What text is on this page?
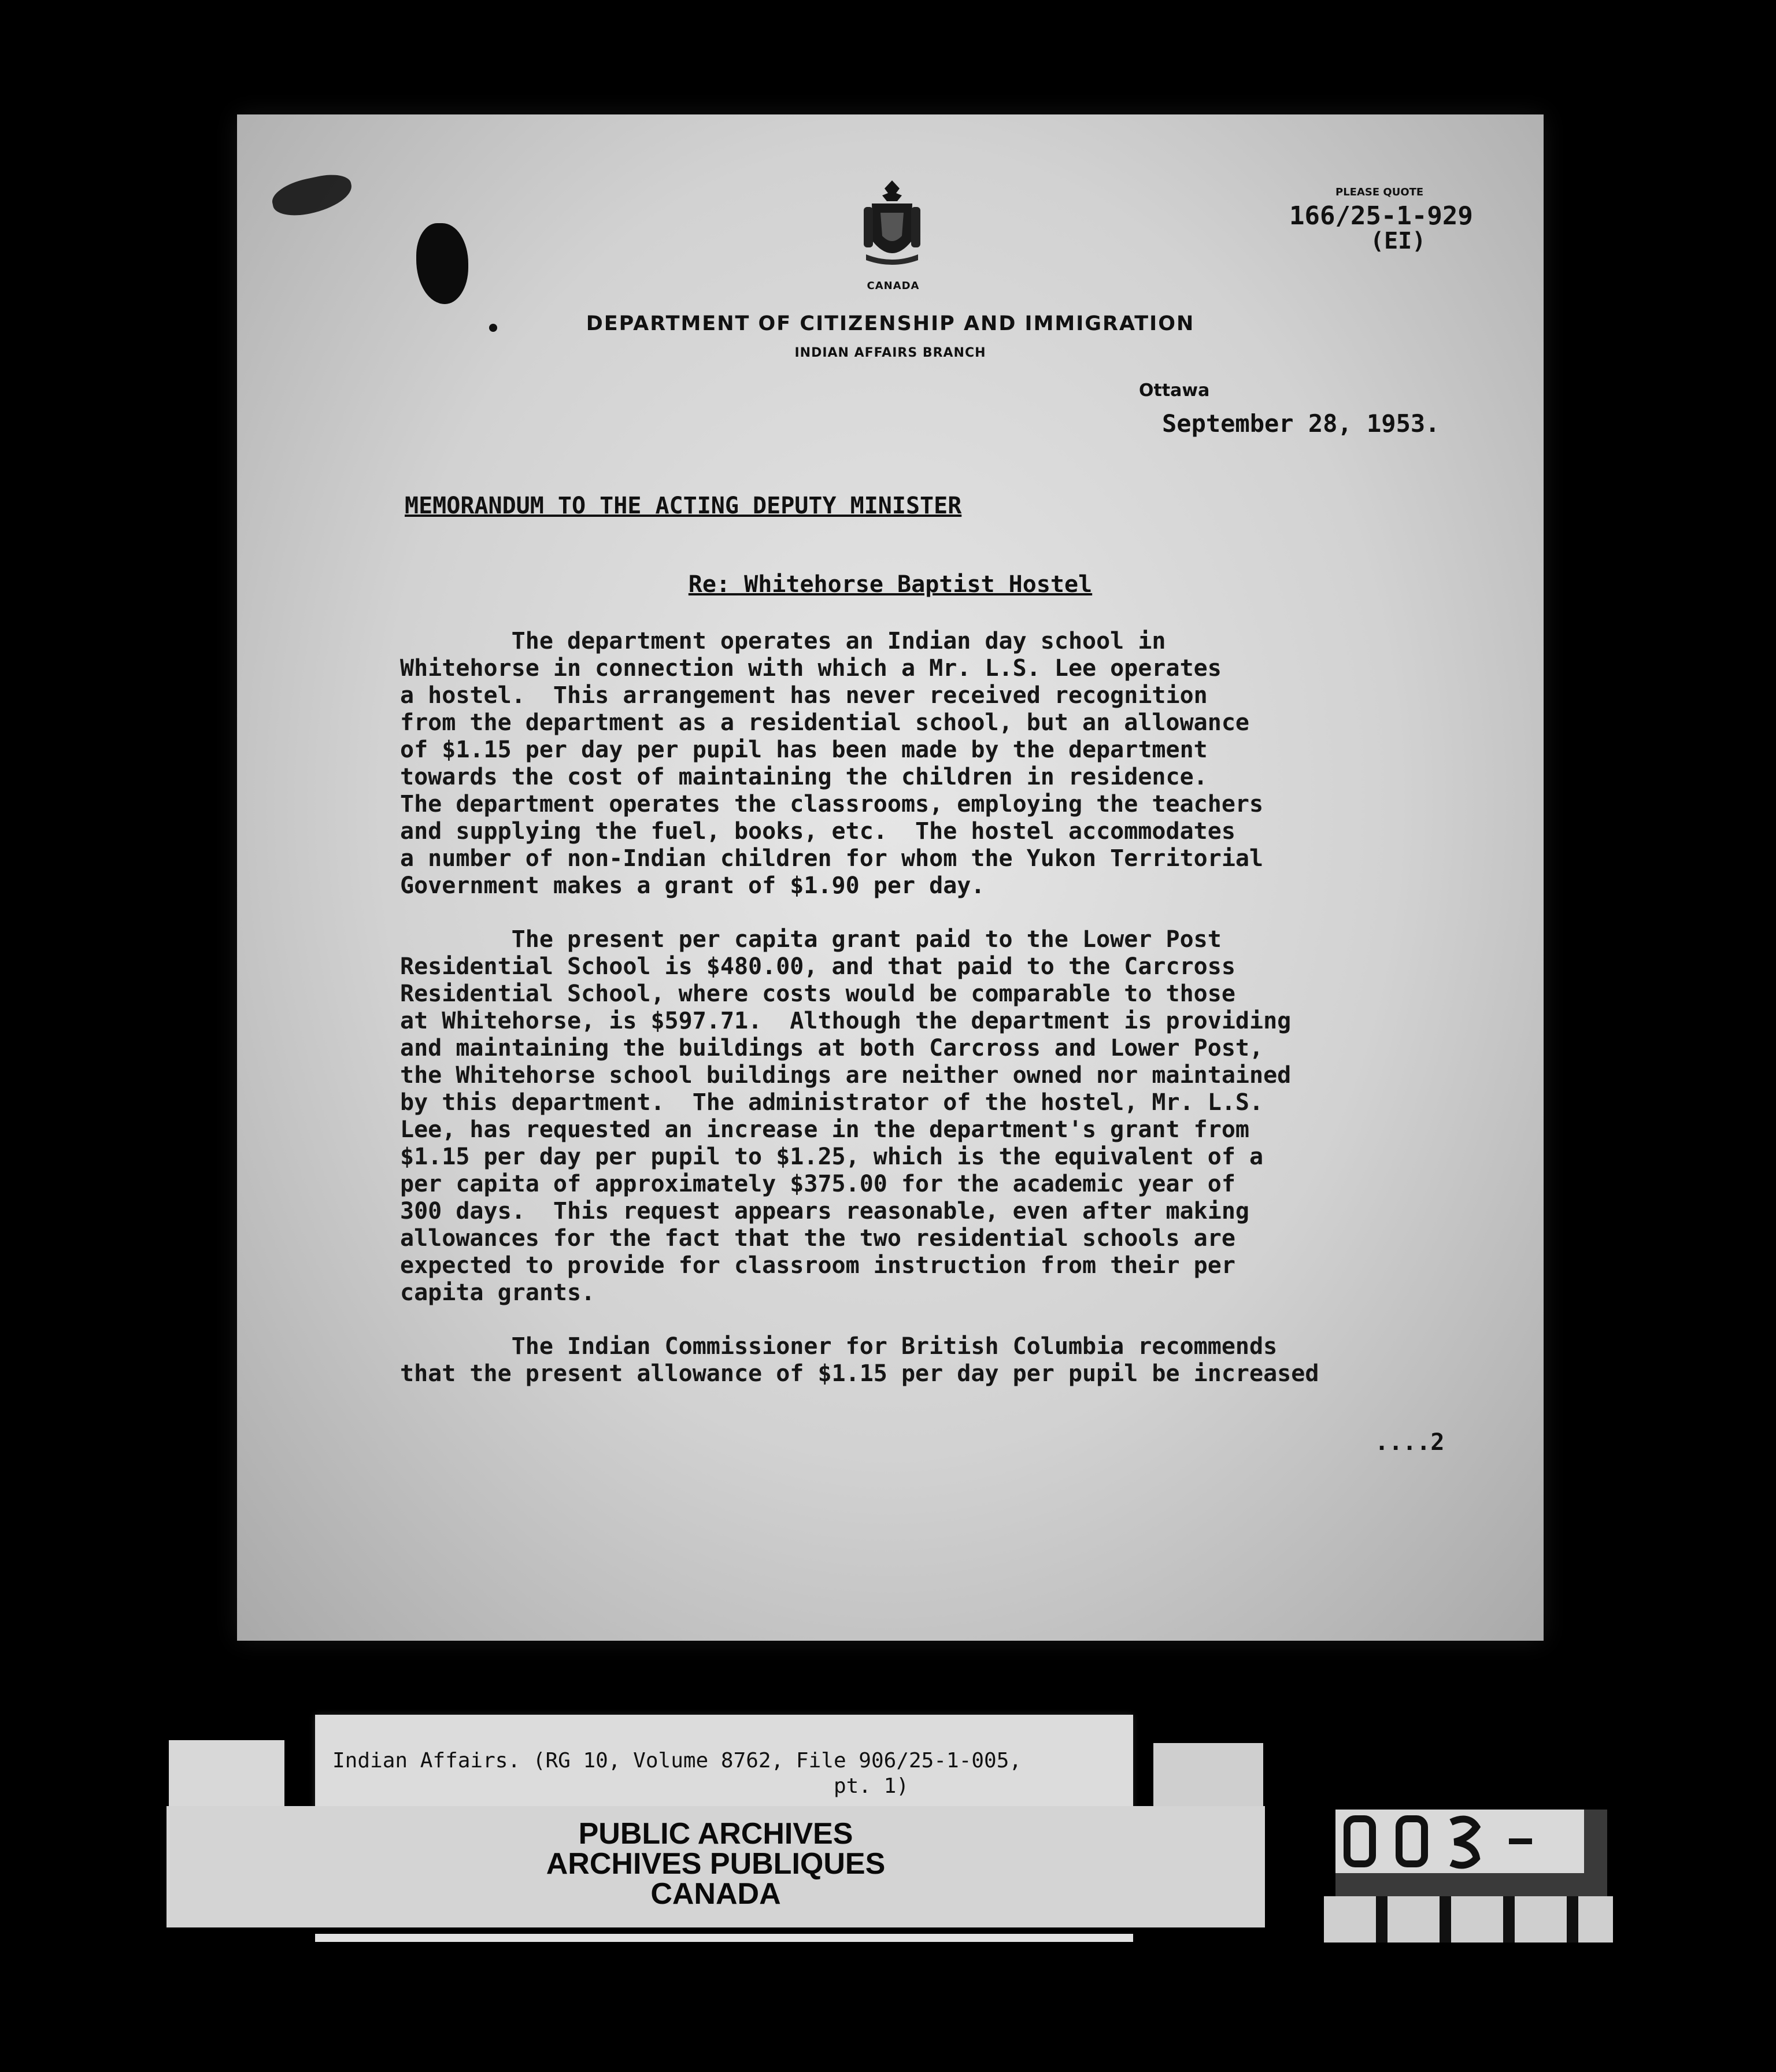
CANADA
PLEASE QUOTE
166/25-1-929
(EI)
DEPARTMENT OF CITIZENSHIP AND IMMIGRATION
INDIAN AFFAIRS BRANCH
Ottawa
September 28, 1953.
MEMORANDUM TO THE ACTING DEPUTY MINISTER
Re: Whitehorse Baptist Hostel

The department operates an Indian day school in
Whitehorse in connection with which a Mr. L.S. Lee operates
a hostel.  This arrangement has never received recognition
from the department as a residential school, but an allowance
of $1.15 per day per pupil has been made by the department
towards the cost of maintaining the children in residence.
The department operates the classrooms, employing the teachers
and supplying the fuel, books, etc.  The hostel accommodates
a number of non-Indian children for whom the Yukon Territorial
Government makes a grant of $1.90 per day.

The present per capita grant paid to the Lower Post
Residential School is $480.00, and that paid to the Carcross
Residential School, where costs would be comparable to those
at Whitehorse, is $597.71.  Although the department is providing
and maintaining the buildings at both Carcross and Lower Post,
the Whitehorse school buildings are neither owned nor maintained
by this department.  The administrator of the hostel, Mr. L.S.
Lee, has requested an increase in the department's grant from
$1.15 per day per pupil to $1.25, which is the equivalent of a
per capita of approximately $375.00 for the academic year of
300 days.  This request appears reasonable, even after making
allowances for the fact that the two residential schools are
expected to provide for classroom instruction from their per
capita grants.

The Indian Commissioner for British Columbia recommends
that the present allowance of $1.15 per day per pupil be increased

....2
Indian Affairs. (RG 10, Volume 8762, File 906/25-1-005,
pt. 1)
PUBLIC ARCHIVES
ARCHIVES PUBLIQUES
CANADA
